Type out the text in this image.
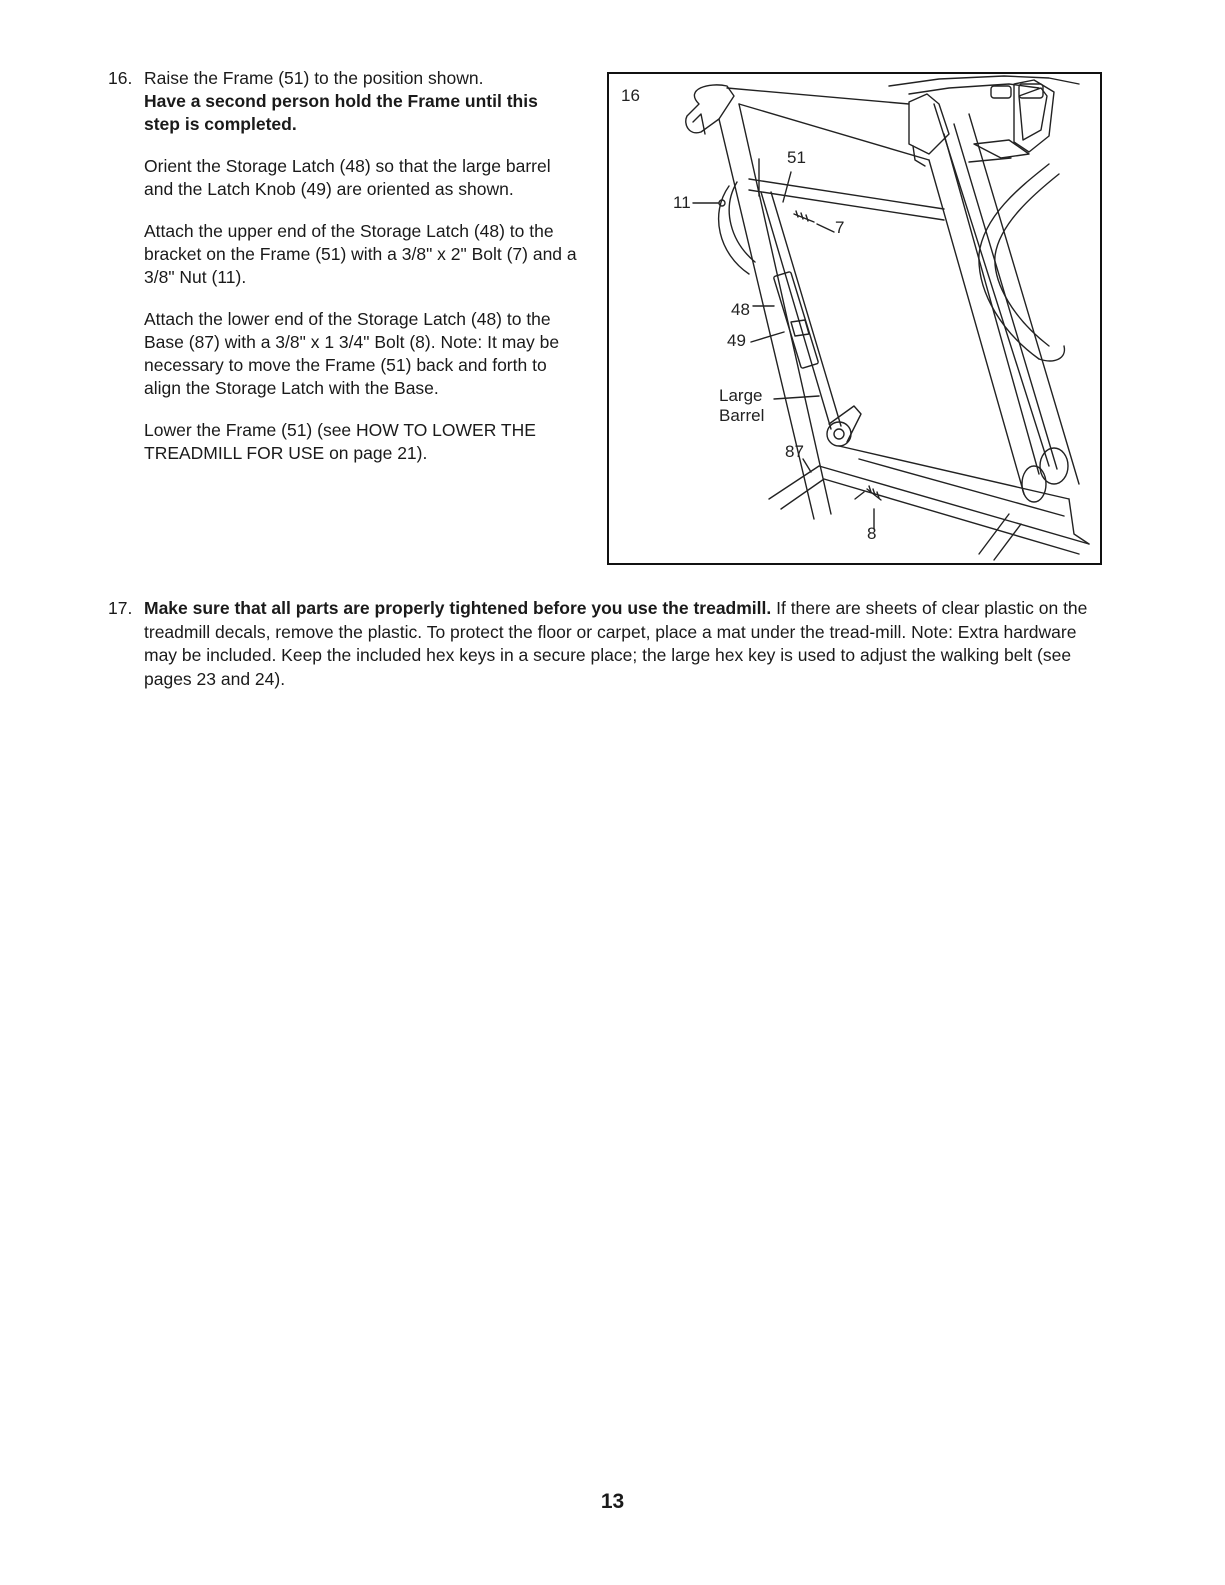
16. Raise the Frame (51) to the position shown.
Have a second person hold the Frame until this step is completed.

Orient the Storage Latch (48) so that the large barrel and the Latch Knob (49) are oriented as shown.

Attach the upper end of the Storage Latch (48) to the bracket on the Frame (51) with a 3/8" x 2" Bolt (7) and a 3/8" Nut (11).

Attach the lower end of the Storage Latch (48) to the Base (87) with a 3/8" x 1 3/4" Bolt (8). Note: It may be necessary to move the Frame (51) back and forth to align the Storage Latch with the Base.

Lower the Frame (51) (see HOW TO LOWER THE TREADMILL FOR USE on page 21).

16
51
11
7
48
49
Large
Barrel
87
8
17. Make sure that all parts are properly tightened before you use the treadmill. If there are sheets of clear plastic on the treadmill decals, remove the plastic. To protect the floor or carpet, place a mat under the tread-mill. Note: Extra hardware may be included. Keep the included hex keys in a secure place; the large hex key is used to adjust the walking belt (see pages 23 and 24).
13
